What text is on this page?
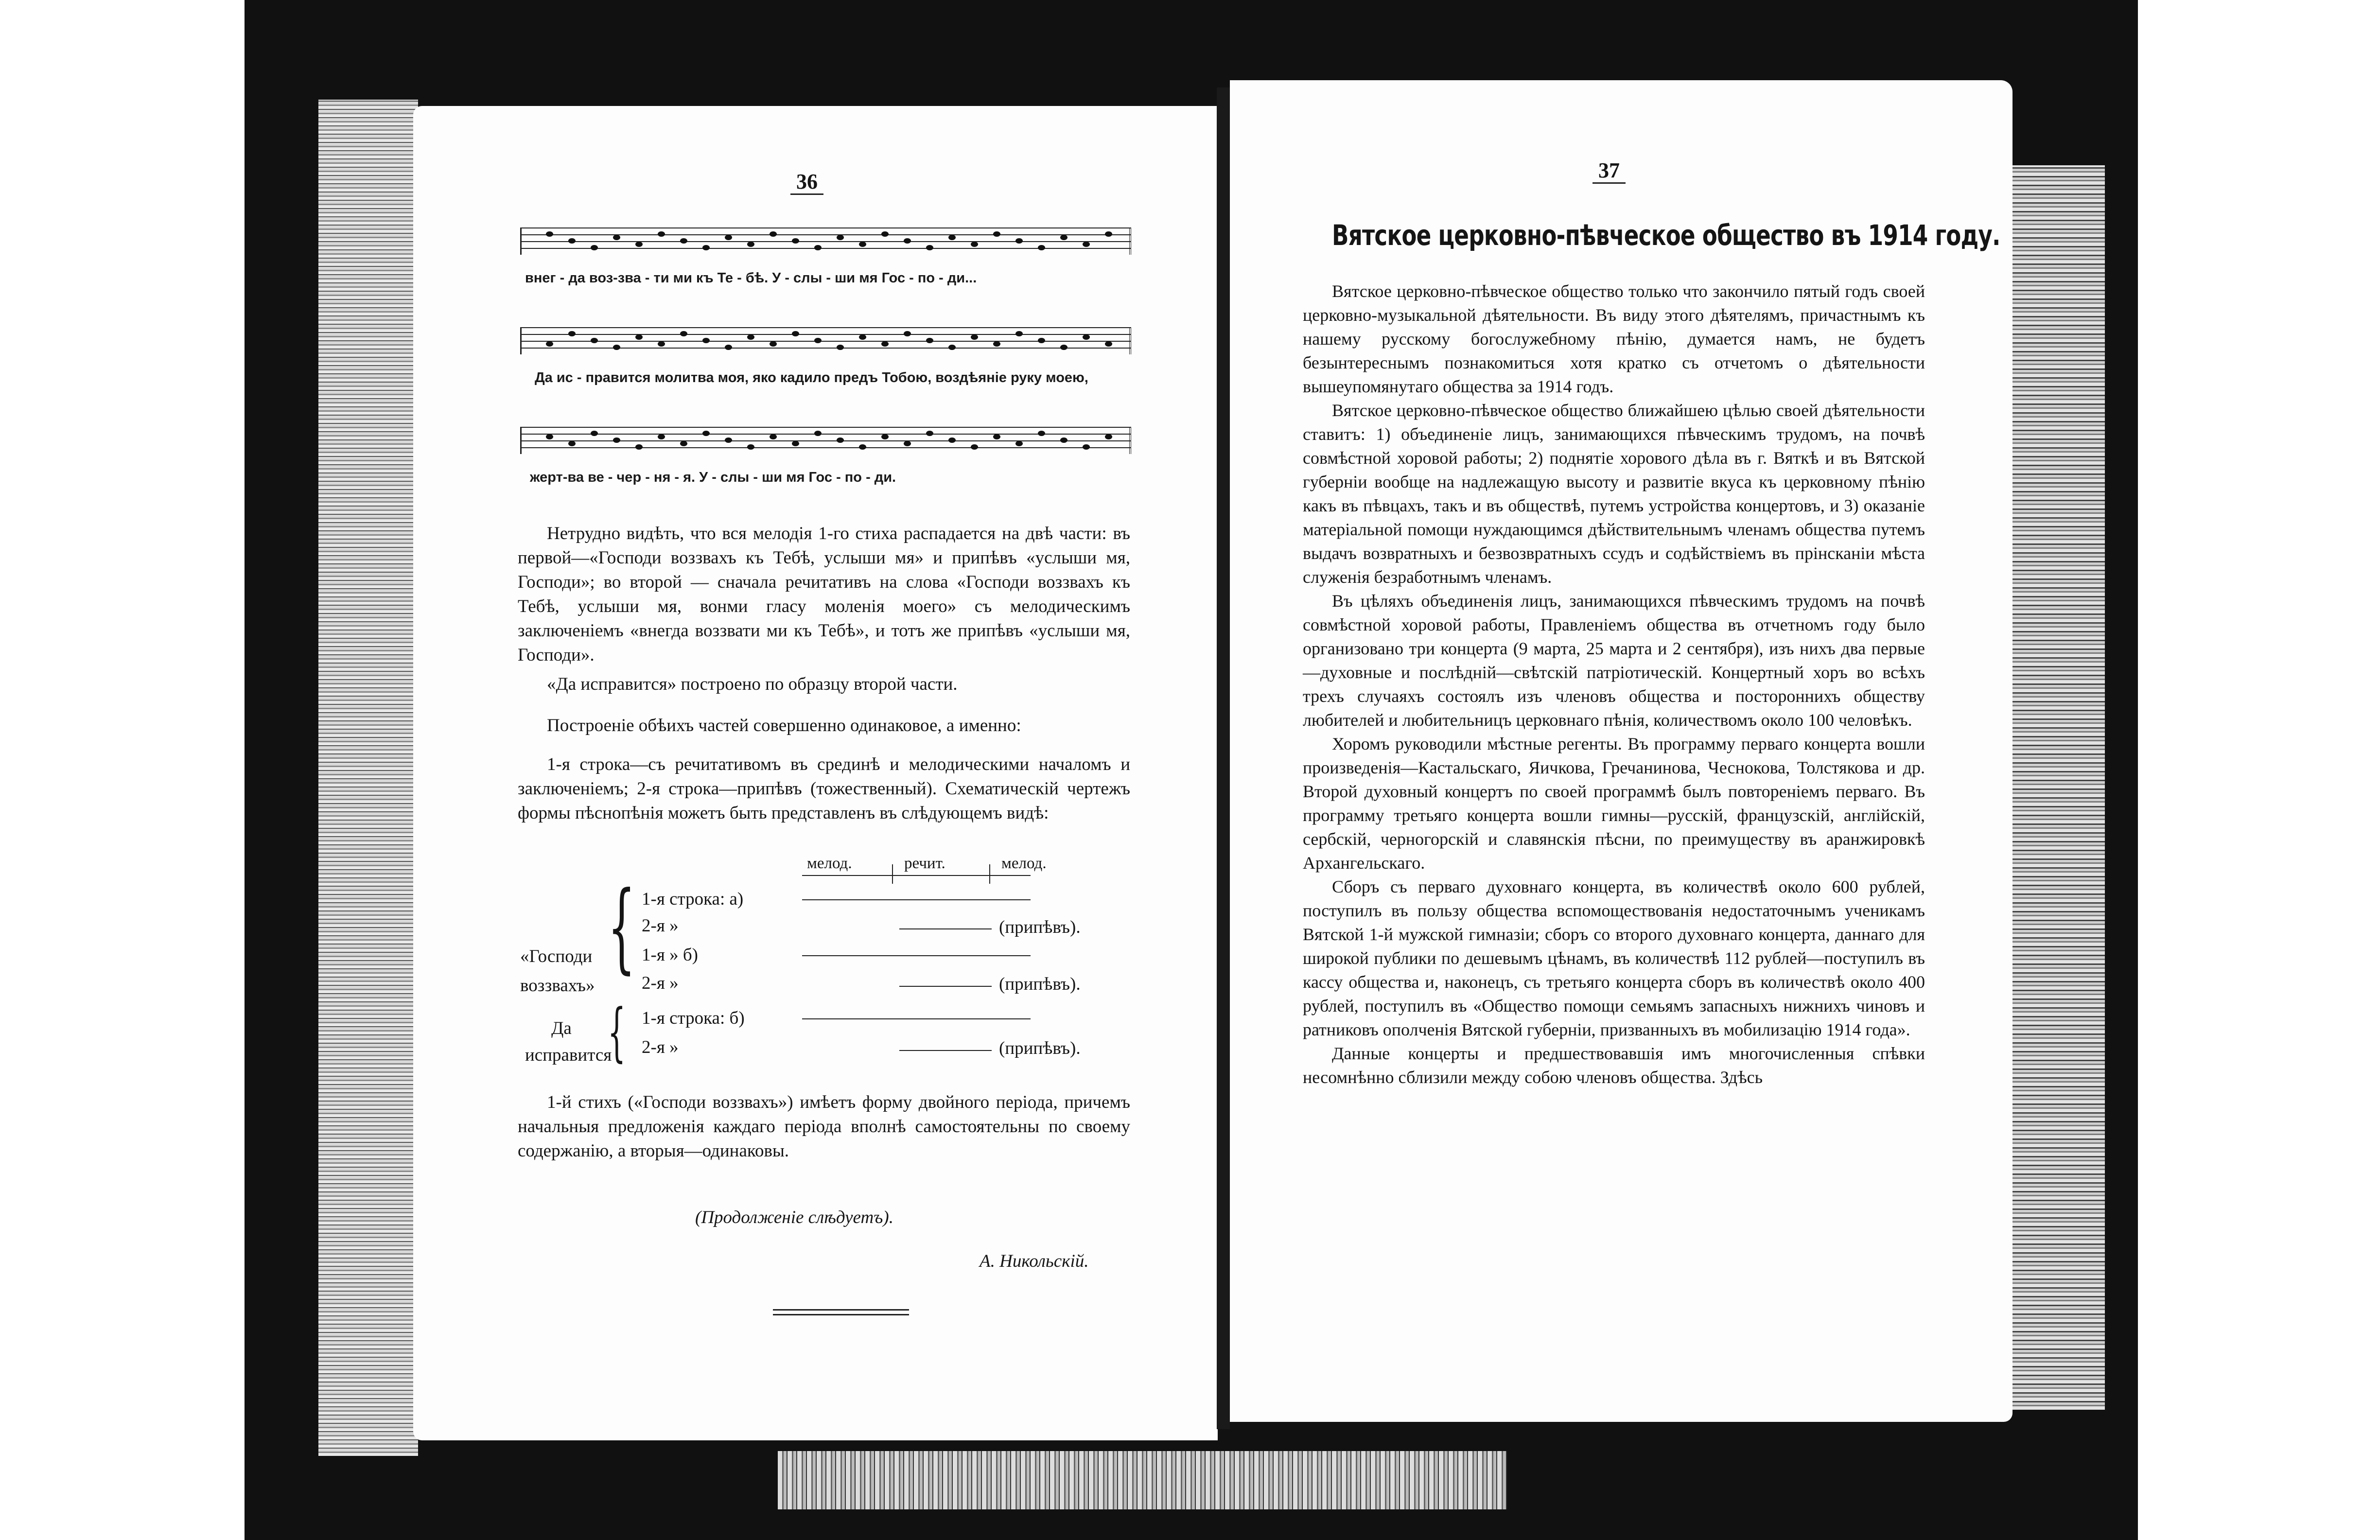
36
внег - да воз-зва - ти ми къ Те - бѣ. У - слы - ши мя Гос - по - ди...
Да ис - правится молитва моя, яко кадило предъ Тобою, воздѣяніе руку моею,
жерт-ва ве - чер - ня - я. У - слы - ши мя Гос - по - ди.
Нетрудно видѣть, что вся мелодія 1-го стиха распадается на двѣ части: въ первой—«Господи воззвахъ къ Тебѣ, услыши мя» и припѣвъ «услыши мя, Господи»; во второй — сначала речитативъ на слова «Господи воззвахъ къ Тебѣ, услыши мя, вонми гласу моленія моего» съ мелодическимъ заключеніемъ «внегда воззвати ми къ Тебѣ», и тотъ же припѣвъ «услыши мя, Господи».
«Да исправится» построено по образцу второй части.
Построеніе обѣихъ частей совершенно одинаковое, а именно:
1-я строка—съ речитативомъ въ срединѣ и мелодическими началомъ и заключеніемъ; 2-я строка—припѣвъ (тожественный). Схематическій чертежъ формы пѣснопѣнія можетъ быть представленъ въ слѣдующемъ видѣ:
мелод.	речит.	мелод.
«Господи воззвахъ»
{ 1-я строка: а)
2-я »	(припѣвъ).
1-я » б)
2-я »	(припѣвъ).
Да исправится
{ 1-я строка: б)
2-я »	(припѣвъ).
1-й стихъ («Господи воззвахъ») имѣетъ форму двойного періода, причемъ начальныя предложенія каждаго періода вполнѣ самостоятельны по своему содержанію, а вторыя—одинаковы.
(Продолженіе слѣдуетъ).
А. Никольскій.
37
Вятское церковно-пѣвческое общество въ 1914 году.

Вятское церковно-пѣвческое общество только что закончило пятый годъ своей церковно-музыкальной дѣятельности. Въ виду этого дѣятелямъ, причастнымъ къ нашему русскому богослужебному пѣнію, думается намъ, не будетъ безынтереснымъ познакомиться хотя кратко съ отчетомъ о дѣятельности вышеупомянутаго общества за 1914 годъ.

Вятское церковно-пѣвческое общество ближайшею цѣлью своей дѣятельности ставитъ: 1) объединеніе лицъ, занимающихся пѣвческимъ трудомъ, на почвѣ совмѣстной хоровой работы; 2) поднятіе хорового дѣла въ г. Вяткѣ и въ Вятской губерніи вообще на надлежащую высоту и развитіе вкуса къ церковному пѣнію какъ въ пѣвцахъ, такъ и въ обществѣ, путемъ устройства концертовъ, и 3) оказаніе матеріальной помощи нуждающимся дѣйствительнымъ членамъ общества путемъ выдачъ возвратныхъ и безвозвратныхъ ссудъ и содѣйствіемъ въ прінсканіи мѣста служенія безработнымъ членамъ.

Въ цѣляхъ объединенія лицъ, занимающихся пѣвческимъ трудомъ на почвѣ совмѣстной хоровой работы, Правленіемъ общества въ отчетномъ году было организовано три концерта (9 марта, 25 марта и 2 сентября), изъ нихъ два первые—духовные и послѣдній—свѣтскій патріотическій. Концертный хоръ во всѣхъ трехъ случаяхъ состоялъ изъ членовъ общества и постороннихъ обществу любителей и любительницъ церковнаго пѣнія, количествомъ около 100 человѣкъ.

Хоромъ руководили мѣстные регенты. Въ программу перваго концерта вошли произведенія—Кастальскаго, Яичкова, Гречанинова, Чеснокова, Толстякова и др. Второй духовный концертъ по своей программѣ былъ повтореніемъ перваго. Въ программу третьяго концерта вошли гимны—русскій, французскій, англійскій, сербскій, черногорскій и славянскія пѣсни, по преимуществу въ аранжировкѣ Архангельскаго.

Сборъ съ перваго духовнаго концерта, въ количествѣ около 600 рублей, поступилъ въ пользу общества вспомоществованія недостаточнымъ ученикамъ Вятской 1-й мужской гимназіи; сборъ со второго духовнаго концерта, даннаго для широкой публики по дешевымъ цѣнамъ, въ количествѣ 112 рублей—поступилъ въ кассу общества и, наконецъ, съ третьяго концерта сборъ въ количествѣ около 400 рублей, поступилъ въ «Общество помощи семьямъ запасныхъ нижнихъ чиновъ и ратниковъ ополченія Вятской губерніи, призванныхъ въ мобилизацію 1914 года».

Данные концерты и предшествовавшія имъ многочисленныя спѣвки несомнѣнно сблизили между собою членовъ общества. Здѣсь
